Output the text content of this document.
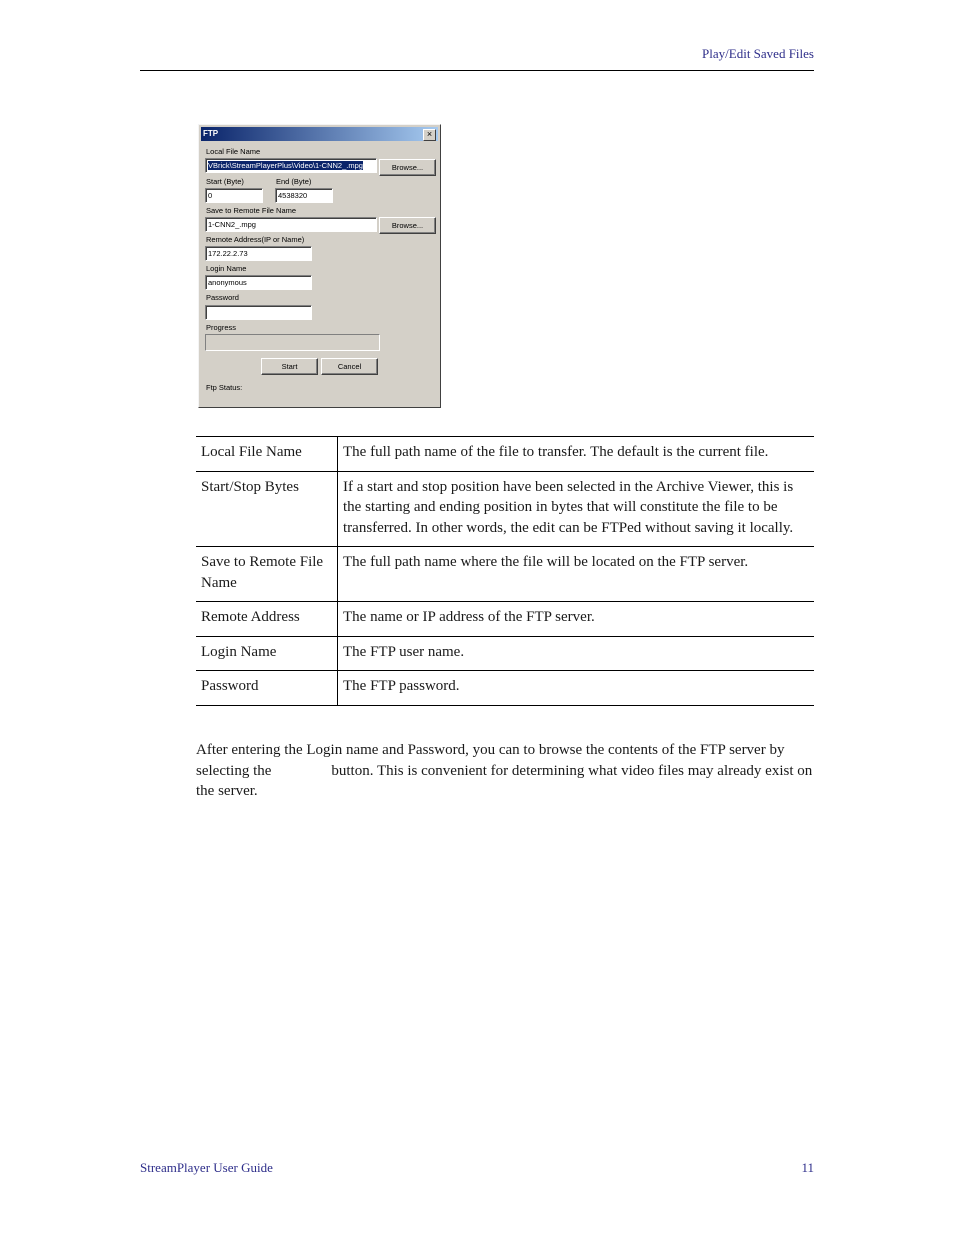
Play/Edit Saved Files
FTP	×
Local File Name
VBrick\StreamPlayerPlus\Video\1-CNN2_.mpg	Browse...
Start (Byte)	End (Byte)
0	4538320
Save to Remote File Name
1-CNN2_.mpg	Browse...
Remote Address(IP or Name)
172.22.2.73
Login Name
anonymous
Password
Progress
Start	Cancel
Ftp Status:
Local File Name	The full path name of the file to transfer. The default is the current file.
Start/Stop Bytes	If a start and stop position have been selected in the Archive Viewer, this is the starting and ending position in bytes that will constitute the file to be transferred. In other words, the edit can be FTPed without saving it locally.
Save to Remote File Name	The full path name where the file will be located on the FTP server.
Remote Address	The name or IP address of the FTP server.
Login Name	The FTP user name.
Password	The FTP password.
After entering the Login name and Password, you can to browse the contents of the FTP server by selecting the	button. This is convenient for determining what video files may already exist on the server.
StreamPlayer User Guide	11
